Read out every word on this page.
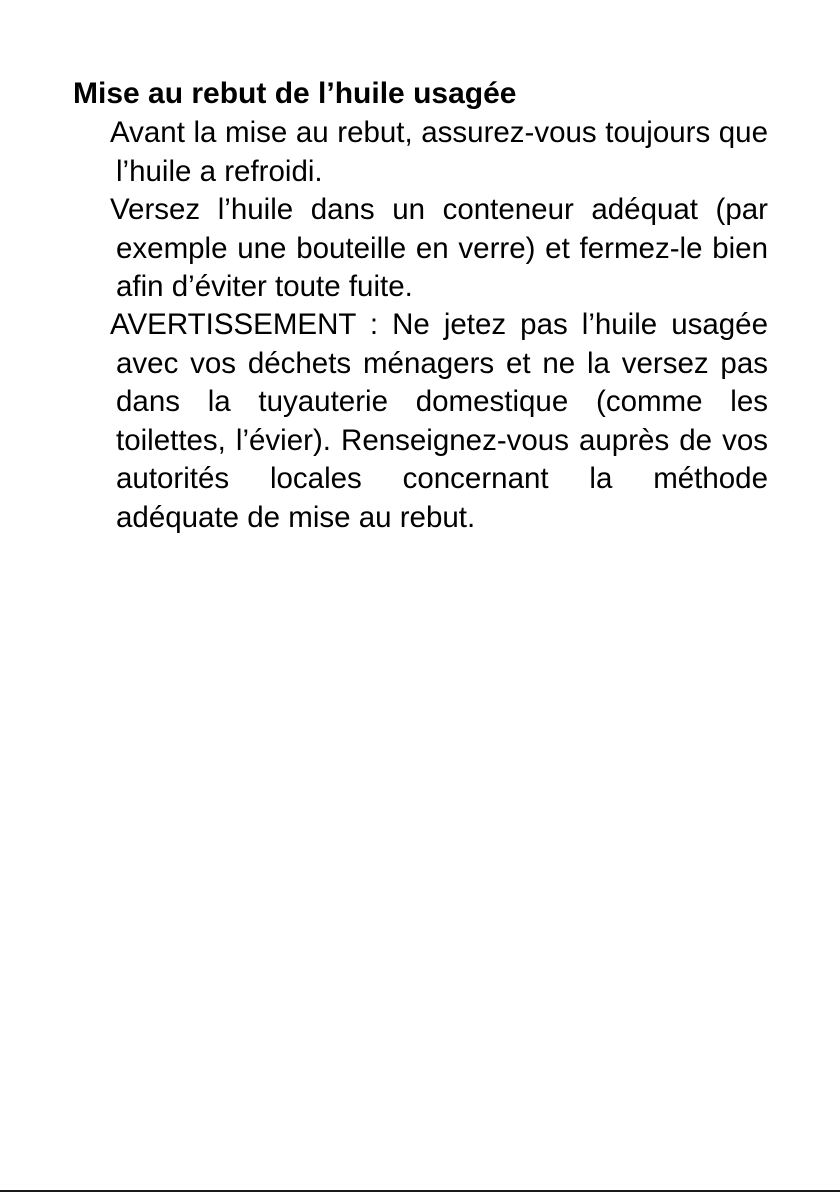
Mise au rebut de l’huile usagée

Avant la mise au rebut, assurez-vous toujours que l’huile a refroidi.

Versez l’huile dans un conteneur adéquat (par exemple une bouteille en verre) et fermez-le bien afin d’éviter toute fuite.

AVERTISSEMENT : Ne jetez pas l’huile usagée avec vos déchets ménagers et ne la versez pas dans la tuyauterie domestique (comme les toilettes, l’évier). Renseignez-vous auprès de vos autorités locales concernant la méthode adéquate de mise au rebut.
